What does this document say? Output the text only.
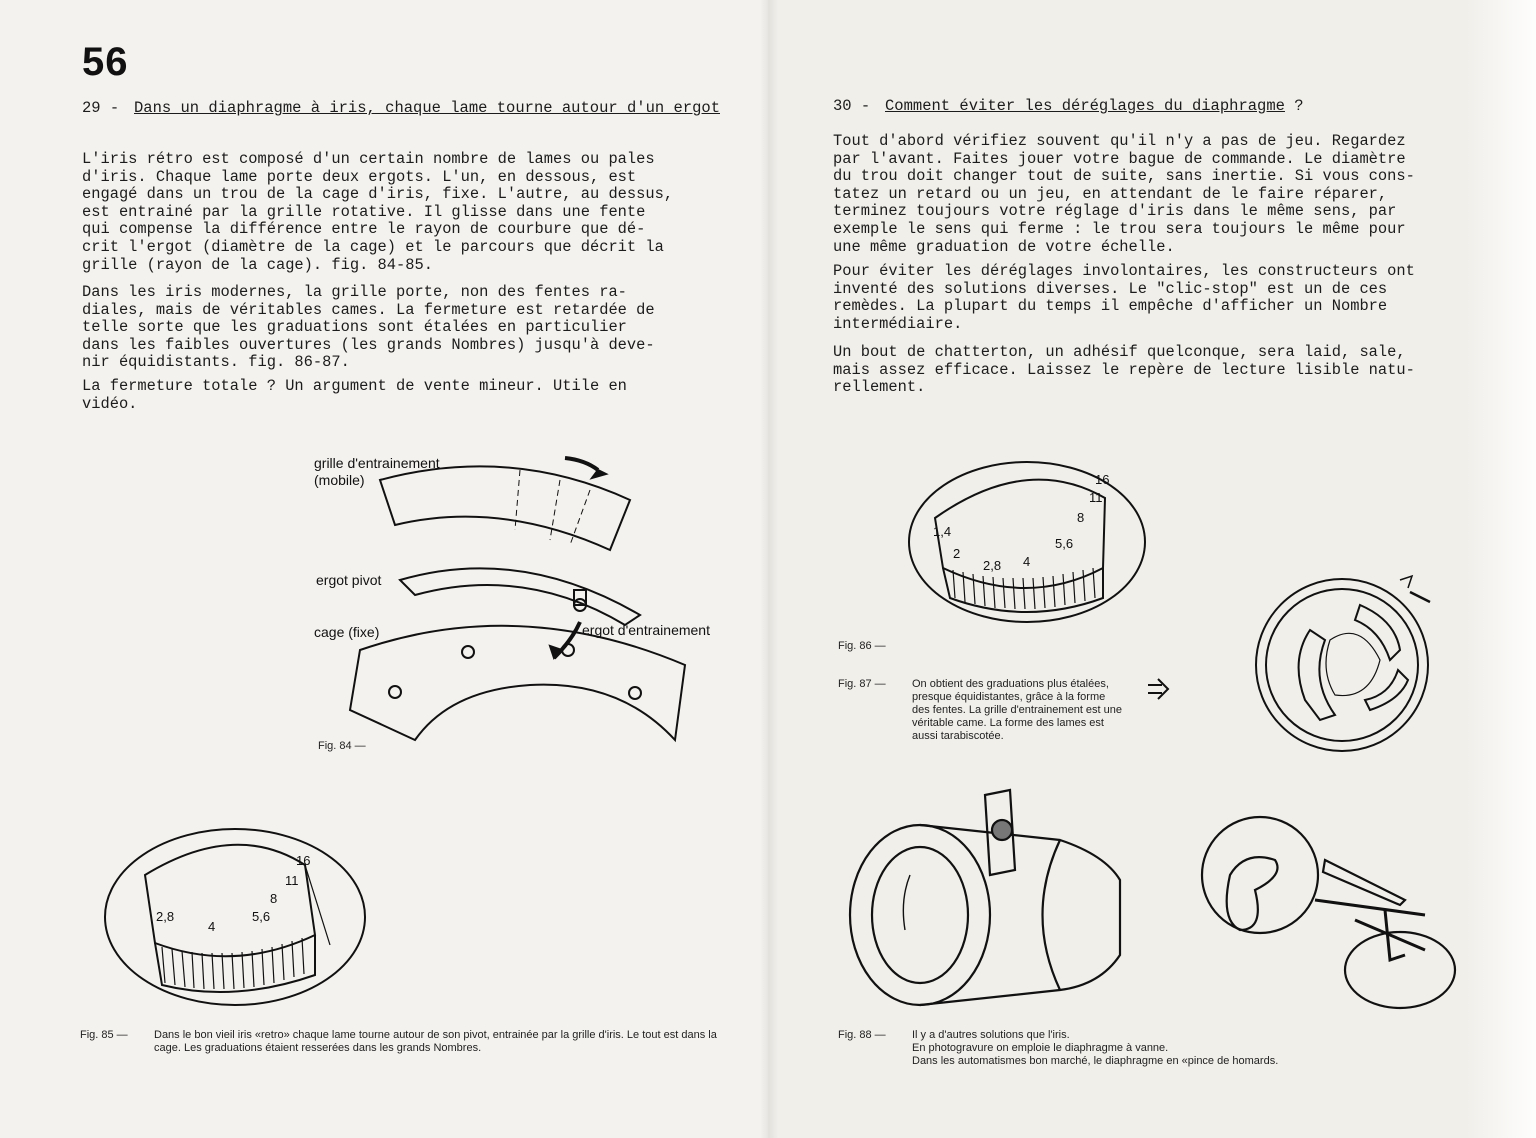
56
29 - Dans un diaphragme à iris, chaque lame tourne autour d'un ergot

L'iris rétro est composé d'un certain nombre de lames ou pales
d'iris. Chaque lame porte deux ergots. L'un, en dessous, est
engagé dans un trou de la cage d'iris, fixe. L'autre, au dessus,
est entrainé par la grille rotative. Il glisse dans une fente
qui compense la différence entre le rayon de courbure que dé-
crit l'ergot (diamètre de la cage) et le parcours que décrit la
grille (rayon de la cage). fig. 84-85.

Dans les iris modernes, la grille porte, non des fentes ra-
diales, mais de véritables cames. La fermeture est retardée de
telle sorte que les graduations sont étalées en particulier
dans les faibles ouvertures (les grands Nombres) jusqu'à deve-
nir équidistants. fig. 86-87.

La fermeture totale ? Un argument de vente mineur. Utile en
vidéo.

grille d'entrainement
(mobile)
ergot pivot
cage (fixe)	ergot d'entrainement
Fig. 84 —
2,8
4
5,6
8
11
16
Fig. 85 — Dans le bon vieil iris «retro» chaque lame tourne autour de son pivot, entrainée par la grille d'iris. Le tout est dans la cage. Les graduations étaient resserées dans les grands Nombres.
30 - Comment éviter les déréglages du diaphragme ?

Tout d'abord vérifiez souvent qu'il n'y a pas de jeu. Regardez
par l'avant. Faites jouer votre bague de commande. Le diamètre
du trou doit changer tout de suite, sans inertie. Si vous cons-
tatez un retard ou un jeu, en attendant de le faire réparer,
terminez toujours votre réglage d'iris dans le même sens, par
exemple le sens qui ferme : le trou sera toujours le même pour
une même graduation de votre échelle.

Pour éviter les déréglages involontaires, les constructeurs ont
inventé des solutions diverses. Le "clic-stop" est un de ces
remèdes. La plupart du temps il empêche d'afficher un Nombre
intermédiaire.

Un bout de chatterton, un adhésif quelconque, sera laid, sale,
mais assez efficace. Laissez le repère de lecture lisible natu-
rellement.

1,4
2
2,8 4
5,6
8
11
16
Fig. 86 —
Fig. 87 — On obtient des graduations plus étalées, presque équidistantes, grâce à la forme des fentes. La grille d'entrainement est une véritable came. La forme des lames est aussi tarabiscotée.
Fig. 88 — Il y a d'autres solutions que l'iris.
En photogravure on emploie le diaphragme à vanne.
Dans les automatismes bon marché, le diaphragme en «pince de homards.
